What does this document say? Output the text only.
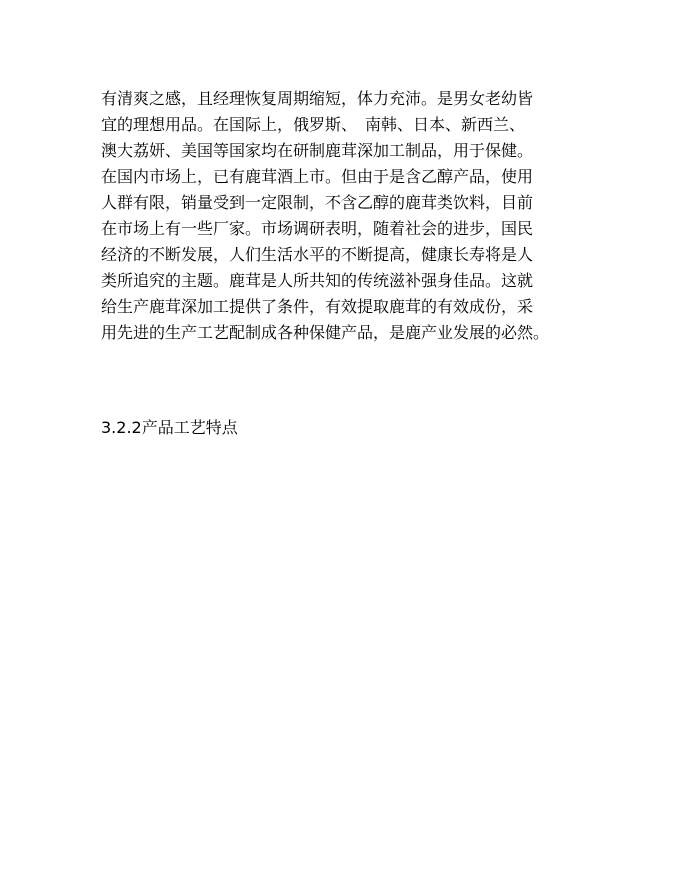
有清爽之感，且经理恢复周期缩短，体力充沛。是男女老幼皆
宜的理想用品。在国际上，俄罗斯、　南韩、日本、新西兰、
澳大荔妍、美国等国家均在研制鹿茸深加工制品，用于保健。
在国内市场上，已有鹿茸酒上市。但由于是含乙醇产品，使用
人群有限，销量受到一定限制，不含乙醇的鹿茸类饮料，目前
在市场上有一些厂家。市场调研表明，随着社会的进步，国民
经济的不断发展，人们生活水平的不断提高，健康长寿将是人
类所追究的主题。鹿茸是人所共知的传统滋补强身佳品。这就
给生产鹿茸深加工提供了条件，有效提取鹿茸的有效成份，采
用先进的生产工艺配制成各种保健产品，是鹿产业发展的必然。
3.2.2产品工艺特点
